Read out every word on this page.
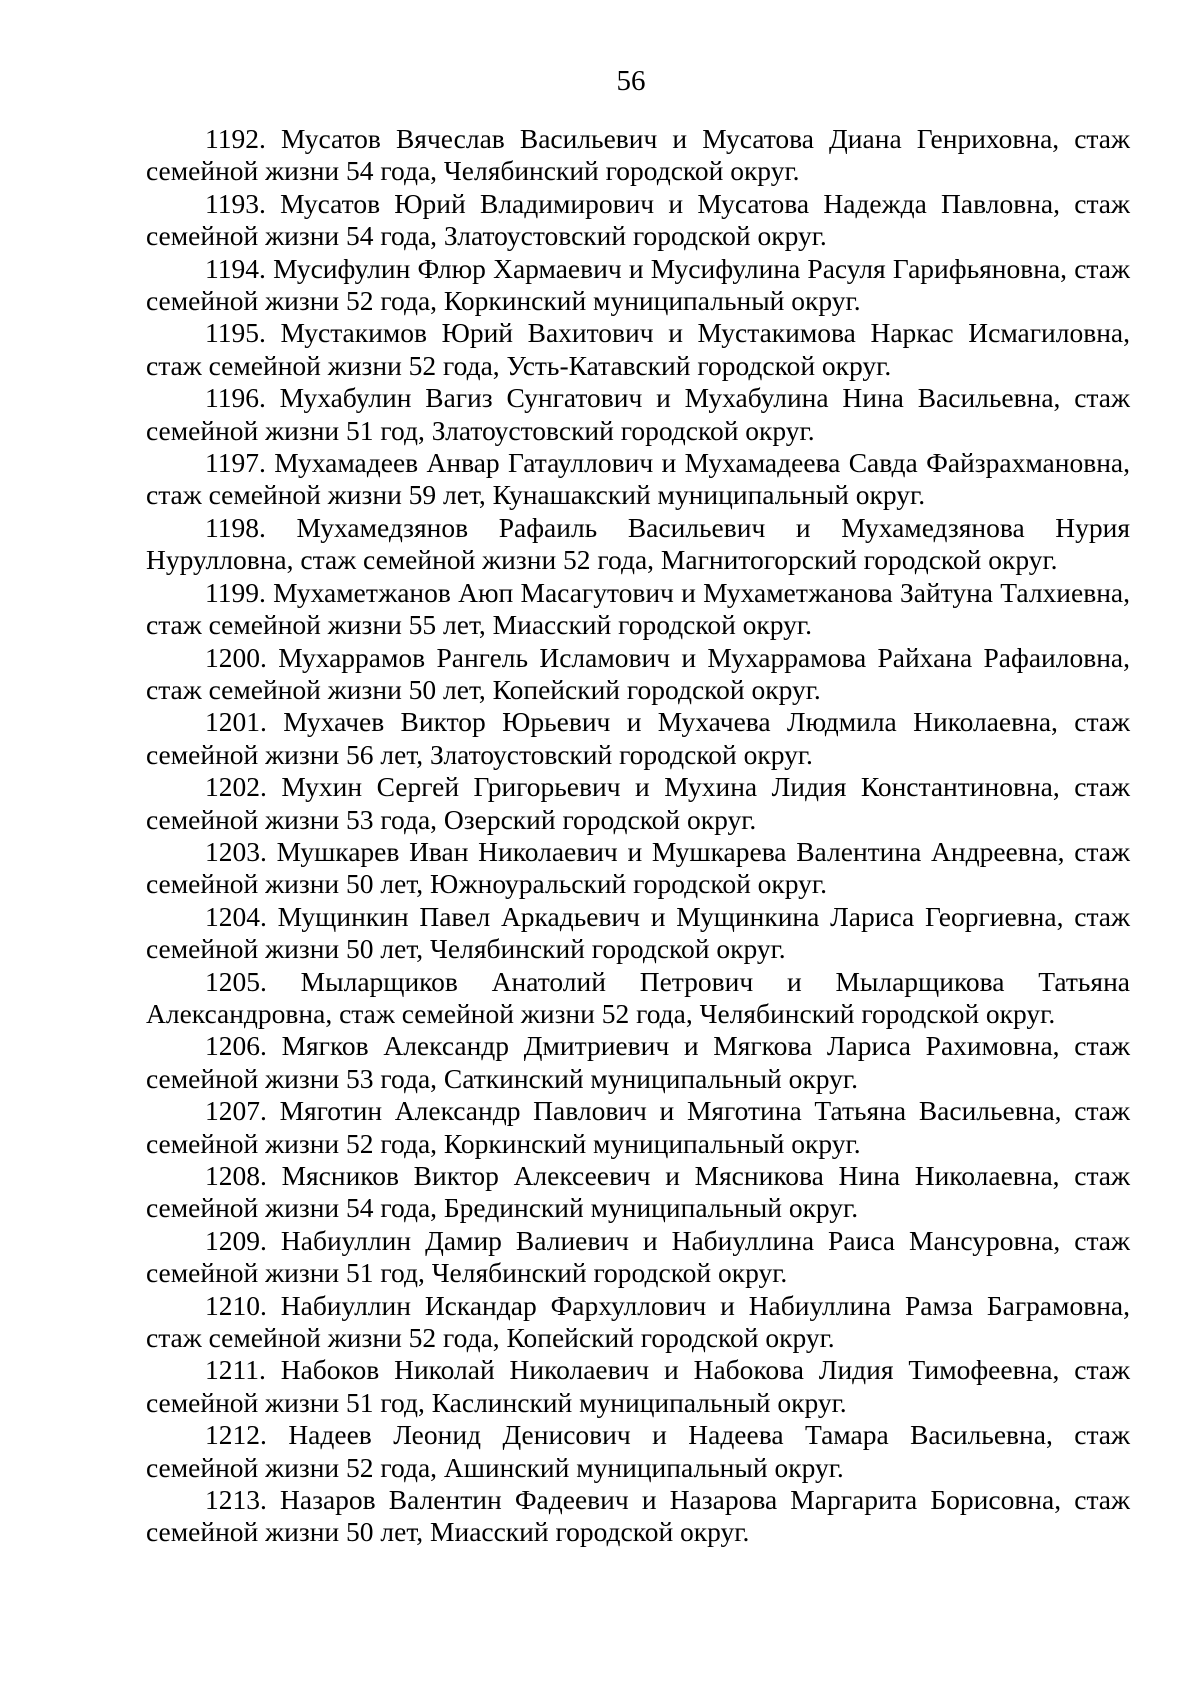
56

1192. Мусатов Вячеслав Васильевич и Мусатова Диана Генриховна, стаж семейной жизни 54 года, Челябинский городской округ.

1193. Мусатов Юрий Владимирович и Мусатова Надежда Павловна, стаж семейной жизни 54 года, Златоустовский городской округ.

1194. Мусифулин Флюр Хармаевич и Мусифулина Расуля Гарифьяновна, стаж семейной жизни 52 года, Коркинский муниципальный округ.

1195. Мустакимов Юрий Вахитович и Мустакимова Наркас Исмагиловна, стаж семейной жизни 52 года, Усть-Катавский городской округ.

1196. Мухабулин Вагиз Сунгатович и Мухабулина Нина Васильевна, стаж семейной жизни 51 год, Златоустовский городской округ.

1197. Мухамадеев Анвар Гатауллович и Мухамадеева Савда Файзрахмановна, стаж семейной жизни 59 лет, Кунашакский муниципальный округ.

1198. Мухамедзянов Рафаиль Васильевич и Мухамедзянова Нурия Нурулловна, стаж семейной жизни 52 года, Магнитогорский городской округ.

1199. Мухаметжанов Аюп Масагутович и Мухаметжанова Зайтуна Талхиевна, стаж семейной жизни 55 лет, Миасский городской округ.

1200. Мухаррамов Рангель Исламович и Мухаррамова Райхана Рафаиловна, стаж семейной жизни 50 лет, Копейский городской округ.

1201. Мухачев Виктор Юрьевич и Мухачева Людмила Николаевна, стаж семейной жизни 56 лет, Златоустовский городской округ.

1202. Мухин Сергей Григорьевич и Мухина Лидия Константиновна, стаж семейной жизни 53 года, Озерский городской округ.

1203. Мушкарев Иван Николаевич и Мушкарева Валентина Андреевна, стаж семейной жизни 50 лет, Южноуральский городской округ.

1204. Мущинкин Павел Аркадьевич и Мущинкина Лариса Георгиевна, стаж семейной жизни 50 лет, Челябинский городской округ.

1205. Мыларщиков Анатолий Петрович и Мыларщикова Татьяна Александровна, стаж семейной жизни 52 года, Челябинский городской округ.

1206. Мягков Александр Дмитриевич и Мягкова Лариса Рахимовна, стаж семейной жизни 53 года, Саткинский муниципальный округ.

1207. Мяготин Александр Павлович и Мяготина Татьяна Васильевна, стаж семейной жизни 52 года, Коркинский муниципальный округ.

1208. Мясников Виктор Алексеевич и Мясникова Нина Николаевна, стаж семейной жизни 54 года, Брединский муниципальный округ.

1209. Набиуллин Дамир Валиевич и Набиуллина Раиса Мансуровна, стаж семейной жизни 51 год, Челябинский городской округ.

1210. Набиуллин Искандар Фархуллович и Набиуллина Рамза Баграмовна, стаж семейной жизни 52 года, Копейский городской округ.

1211. Набоков Николай Николаевич и Набокова Лидия Тимофеевна, стаж семейной жизни 51 год, Каслинский муниципальный округ.

1212. Надеев Леонид Денисович и Надеева Тамара Васильевна, стаж семейной жизни 52 года, Ашинский муниципальный округ.

1213. Назаров Валентин Фадеевич и Назарова Маргарита Борисовна, стаж семейной жизни 50 лет, Миасский городской округ.
